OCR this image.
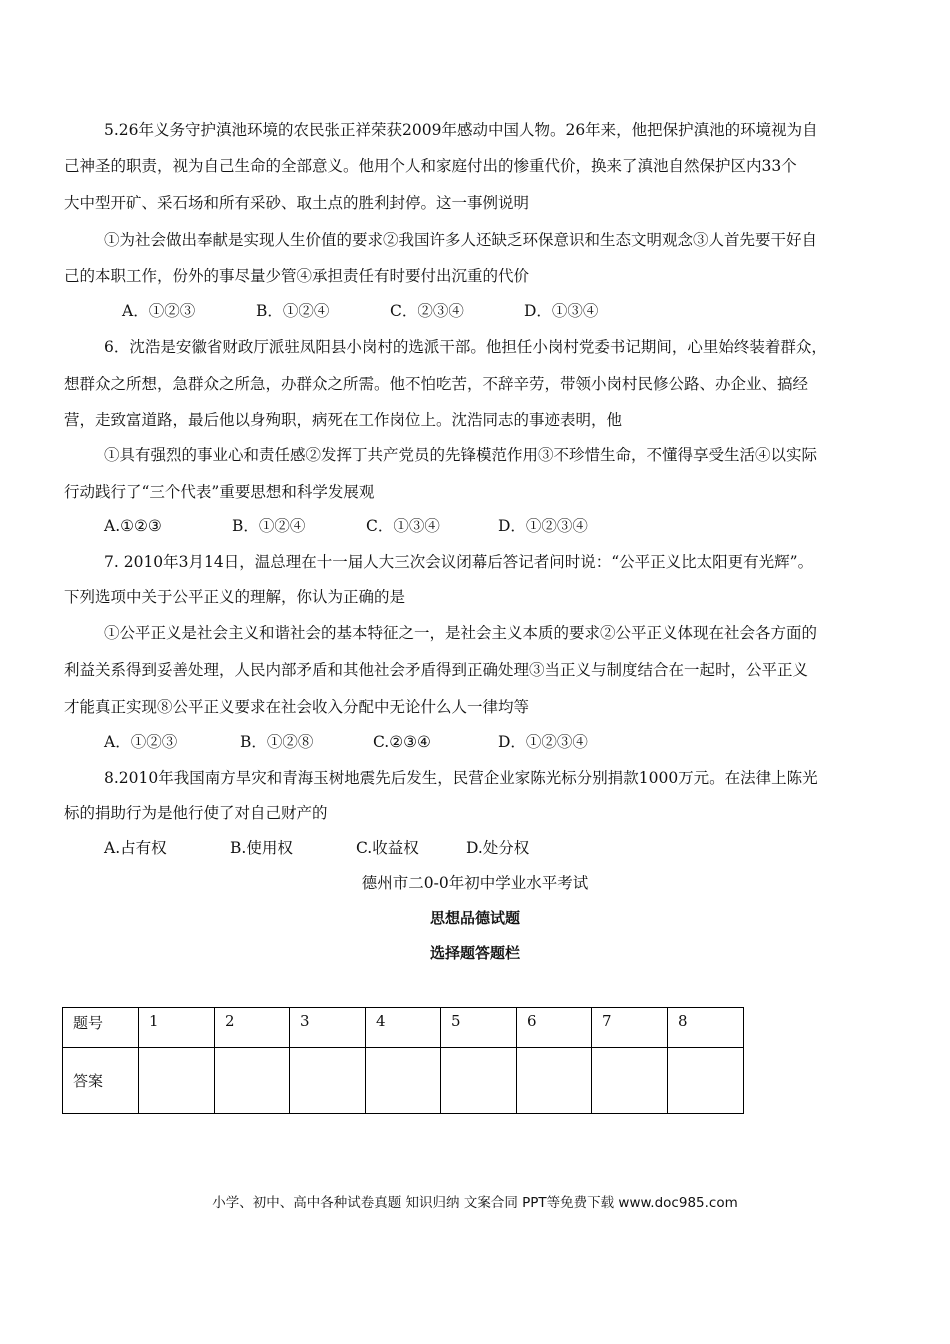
5.26年义务守护滇池环境的农民张正祥荣获2009年感动中国人物。26年来，他把保护滇池的环境视为自
己神圣的职责，视为自己生命的全部意义。他用个人和家庭付出的惨重代价，换来了滇池自然保护区内33个
大中型开矿、采石场和所有采砂、取土点的胜利封停。这一事例说明
①为社会做出奉献是实现人生价值的要求②我国许多人还缺乏环保意识和生态文明观念③人首先要干好自
己的本职工作，份外的事尽量少管④承担责任有时要付出沉重的代价
A．①②③	B．①②④	C．②③④	D．①③④
6．沈浩是安徽省财政厅派驻凤阳县小岗村的选派干部。他担任小岗村党委书记期间，心里始终装着群众，
想群众之所想，急群众之所急，办群众之所需。他不怕吃苦，不辞辛劳，带领小岗村民修公路、办企业、搞经
营，走致富道路，最后他以身殉职，病死在工作岗位上。沈浩同志的事迹表明，他
①具有强烈的事业心和责任感②发挥丁共产党员的先锋模范作用③不珍惜生命，不懂得享受生活④以实际
行动践行了“三个代表”重要思想和科学发展观
A.①②③	B．①②④	C．①③④	D．①②③④
7. 2010年3月14日，温总理在十一届人大三次会议闭幕后答记者问时说：“公平正义比太阳更有光辉”。
下列选项中关于公平正义的理解，你认为正确的是
①公平正义是社会主义和谐社会的基本特征之一，是社会主义本质的要求②公平正义体现在社会各方面的
利益关系得到妥善处理，人民内部矛盾和其他社会矛盾得到正确处理③当正义与制度结合在一起时，公平正义
才能真正实现⑧公平正义要求在社会收入分配中无论什么人一律均等
A．①②③	B．①②⑧	C.②③④	D．①②③④
8.2010年我国南方旱灾和青海玉树地震先后发生，民营企业家陈光标分别捐款1000万元。在法律上陈光
标的捐助行为是他行使了对自己财产的
A.占有权	B.使用权	C.收益权	D.处分权
德州市二0-0年初中学业水平考试
思想品德试题
选择题答题栏
题号	1	2	3	4	5	6	7	8
答案								
小学、初中、高中各种试卷真题 知识归纳 文案合同 PPT等免费下载 www.doc985.com
